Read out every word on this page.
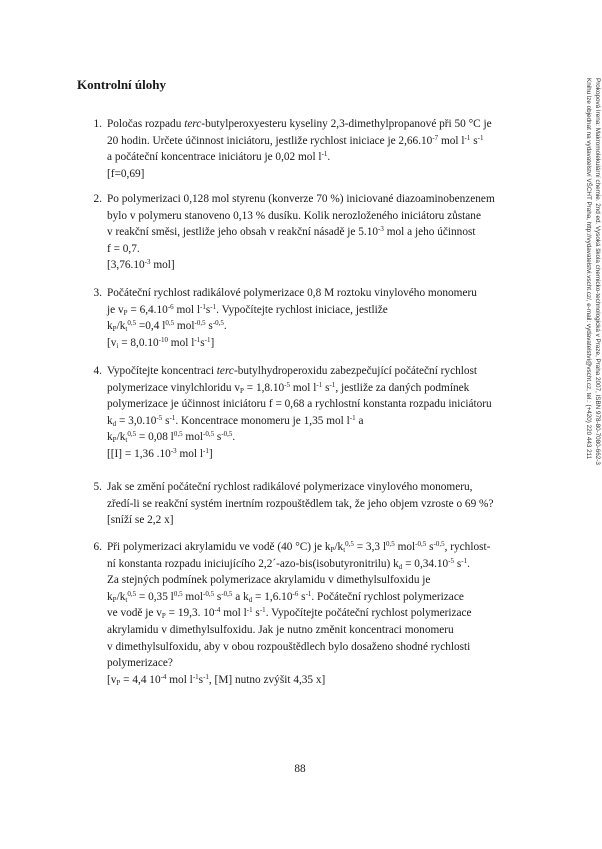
Kontrolní úlohy
1. Poločas rozpadu terc-butylperoxyesteru kyseliny 2,3-dimethylpropanové při 50 °C je
20 hodin. Určete účinnost iniciátoru, jestliže rychlost iniciace je $2,66.10^{-7}$ mol $l^{-1}$ $s^{-1}$
a počáteční koncentrace iniciátoru je 0,02 mol $l^{-1}$.
[f=0,69]
2. Po polymerizaci 0,128 mol styrenu (konverze 70 %) iniciované diazoaminobenzenem
bylo v polymeru stanoveno 0,13 % dusíku. Kolik nerozloženého iniciátoru zůstane
v reakční směsi, jestliže jeho obsah v reakční násadě je $5.10^{-3}$ mol a jeho účinnost
f = 0,7.
[$3,76.10^{-3}$ mol]
3. Počáteční rychlost radikálové polymerizace 0,8 M roztoku vinylového monomeru
je $v_P = 6,4.10^{-6}$ mol $l^{-1}s^{-1}$. Vypočítejte rychlost iniciace, jestliže
$k_P/k_t^{0,5} =0,4$ $l^{0,5}$ mol$^{-0,5}$ $s^{-0,5}$.
[$v_i = 8,0.10^{-10}$ mol $l^{-1}s^{-1}$]
4. Vypočítejte koncentraci terc-butylhydroperoxidu zabezpečující počáteční rychlost
polymerizace vinylchloridu $v_P = 1,8.10^{-5}$ mol $l^{-1}$ $s^{-1}$, jestliže za daných podmínek
polymerizace je účinnost iniciátoru f = 0,68 a rychlostní konstanta rozpadu iniciátoru
$k_d = 3,0.10^{-5}$ $s^{-1}$. Koncentrace monomeru je 1,35 mol $l^{-1}$ a
$k_P/k_t^{0,5} = 0,08$ $l^{0,5}$ mol$^{-0,5}$ $s^{-0,5}$.
[[I] = 1,36 $.10^{-3}$ mol $l^{-1}$]
5. Jak se změní počáteční rychlost radikálové polymerizace vinylového monomeru,
zředí-li se reakční systém inertním rozpouštědlem tak, že jeho objem vzroste o 69 %?
[sníží se 2,2 x]
6. Při polymerizaci akrylamidu ve vodě (40 °C) je $k_P/k_t^{0,5} = 3,3$ $l^{0,5}$ mol$^{-0,5}$ $s^{-0,5}$, rychlost-
ní konstanta rozpadu iniciujícího 2,2´-azo-bis(isobutyronitrilu) $k_d = 0,34.10^{-5}$ $s^{-1}$.
Za stejných podmínek polymerizace akrylamidu v dimethylsulfoxidu je
$k_P/k_t^{0,5} = 0,35$ $l^{0,5}$ mol$^{-0,5}$ $s^{-0,5}$ a $k_d = 1,6.10^{-6}$ $s^{-1}$. Počáteční rychlost polymerizace
ve vodě je $v_P = 19,3$. $10^{-4}$ mol $l^{-1}$ $s^{-1}$. Vypočítejte počáteční rychlost polymerizace
akrylamidu v dimethylsulfoxidu. Jak je nutno změnit koncentraci monomeru
v dimethylsulfoxidu, aby v obou rozpouštědlech bylo dosaženo shodné rychlosti
polymerizace?
[$v_P = 4,4$ $10^{-4}$ mol $l^{-1}s^{-1}$, [M] nutno zvýšit 4,35 x]
Prokopová Irena: Makromolekulární chemie. 2nd ed. Vysoká škola chemicko-technologická v Praze, Praha 2007, ISBN 978-80-7080-662-3
Knihu lze objednat na vydavatelství VŠCHT Praha, http://vydavatelstvi.vscht.cz/, e-mail: vydavatelstvi@vscht.cz, tel.: (+420) 220 443 211
88
